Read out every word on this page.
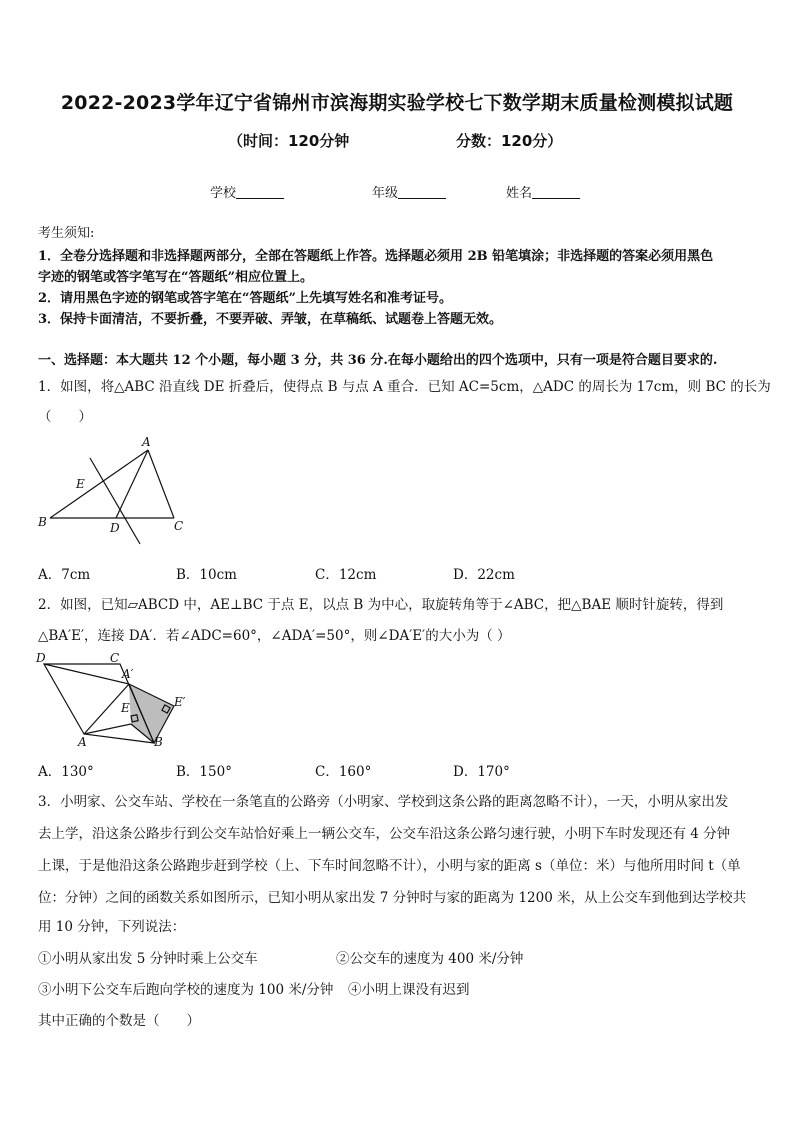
2022-2023学年辽宁省锦州市滨海期实验学校七下数学期末质量检测模拟试题
（时间：120分钟	分数：120分）
学校	年级	姓名
考生须知:
1．全卷分选择题和非选择题两部分，全部在答题纸上作答。选择题必须用 2B 铅笔填涂；非选择题的答案必须用黑色
字迹的钢笔或答字笔写在“答题纸”相应位置上。
2．请用黑色字迹的钢笔或答字笔在“答题纸”上先填写姓名和准考证号。
3．保持卡面清洁，不要折叠，不要弄破、弄皱，在草稿纸、试题卷上答题无效。
一、选择题：本大题共 12 个小题，每小题 3 分，共 36 分.在每小题给出的四个选项中，只有一项是符合题目要求的.
1．如图，将△ABC 沿直线 DE 折叠后，使得点 B 与点 A 重合．已知 AC=5cm，△ADC 的周长为 17cm，则 BC 的长为
（　　）
A
B	C
D
E
A．7cm	B．10cm	C．12cm	D．22cm
2．如图，已知▱ABCD 中，AE⊥BC 于点 E，以点 B 为中心，取旋转角等于∠ABC，把△BAE 顺时针旋转，得到
△BA′E′，连接 DA′．若∠ADC=60°，∠ADA′=50°，则∠DA′E′的大小为（ ）
D	C
A′
E′
E
A	B
A．130°	B．150°	C．160°	D．170°
3．小明家、公交车站、学校在一条笔直的公路旁（小明家、学校到这条公路的距离忽略不计），一天，小明从家出发
去上学，沿这条公路步行到公交车站恰好乘上一辆公交车，公交车沿这条公路匀速行驶，小明下车时发现还有 4 分钟
上课，于是他沿这条公路跑步赶到学校（上、下车时间忽略不计），小明与家的距离 s（单位：米）与他所用时间 t（单
位：分钟）之间的函数关系如图所示，已知小明从家出发 7 分钟时与家的距离为 1200 米，从上公交车到他到达学校共
用 10 分钟，下列说法：
①小明从家出发 5 分钟时乘上公交车	②公交车的速度为 400 米/分钟
③小明下公交车后跑向学校的速度为 100 米/分钟 ④小明上课没有迟到
其中正确的个数是（　　）
